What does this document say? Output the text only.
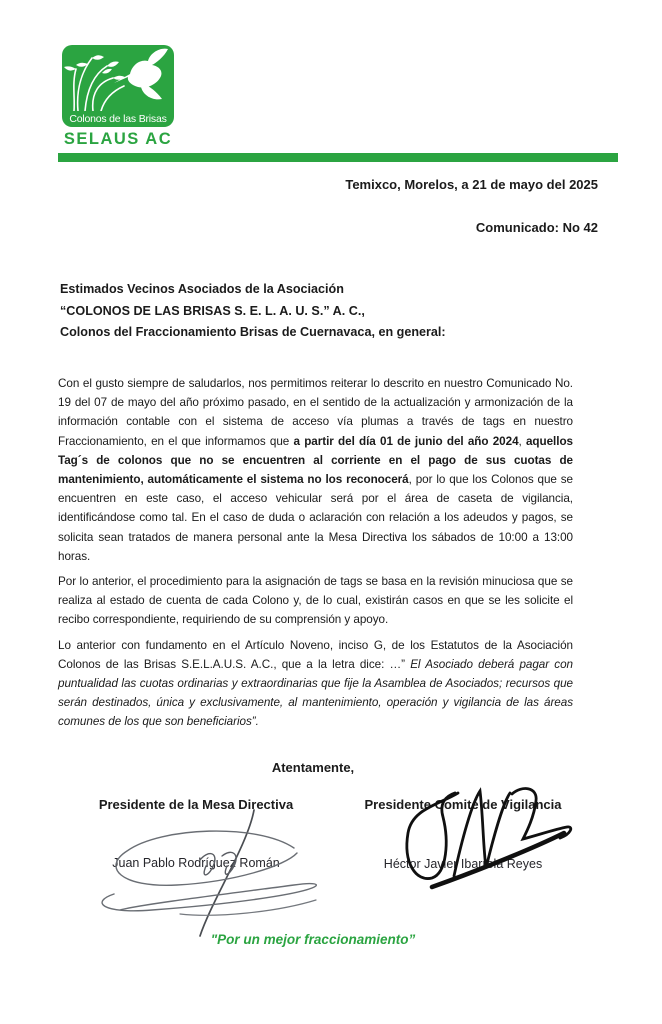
Colonos de las Brisas
SELAUS AC
Temixco, Morelos, a 21 de mayo del 2025
Comunicado: No 42
Estimados Vecinos Asociados de la Asociación
“COLONOS DE LAS BRISAS S. E. L. A. U. S.” A. C.,
Colonos del Fraccionamiento Brisas de Cuernavaca, en general:

Con el gusto siempre de saludarlos, nos permitimos reiterar lo descrito en nuestro Comunicado No. 19 del 07 de mayo del año próximo pasado, en el sentido de la actualización y armonización de la información contable con el sistema de acceso vía plumas a través de tags en nuestro Fraccionamiento, en el que informamos que a partir del día 01 de junio del año 2024, aquellos Tag´s de colonos que no se encuentren al corriente en el pago de sus cuotas de mantenimiento, automáticamente el sistema no los reconocerá, por lo que los Colonos que se encuentren en este caso, el acceso vehicular será por el área de caseta de vigilancia, identificándose como tal. En el caso de duda o aclaración con relación a los adeudos y pagos, se solicita sean tratados de manera personal ante la Mesa Directiva los sábados de 10:00 a 13:00 horas.

Por lo anterior, el procedimiento para la asignación de tags se basa en la revisión minuciosa que se realiza al estado de cuenta de cada Colono y, de lo cual, existirán casos en que se les solicite el recibo correspondiente, requiriendo de su comprensión y apoyo.

Lo anterior con fundamento en el Artículo Noveno, inciso G, de los Estatutos de la Asociación Colonos de las Brisas S.E.L.A.U.S. A.C., que a la letra dice: …” El Asociado deberá pagar con puntualidad las cuotas ordinarias y extraordinarias que fije la Asamblea de Asociados; recursos que serán destinados, única y exclusivamente, al mantenimiento, operación y vigilancia de las áreas comunes de los que son beneficiarios”.

Atentamente,
Presidente de la Mesa Directiva	Presidente Comité de Vigilancia
Juan Pablo Rodríguez Román	Héctor Javier Ibarrola Reyes
"Por un mejor fraccionamiento”
